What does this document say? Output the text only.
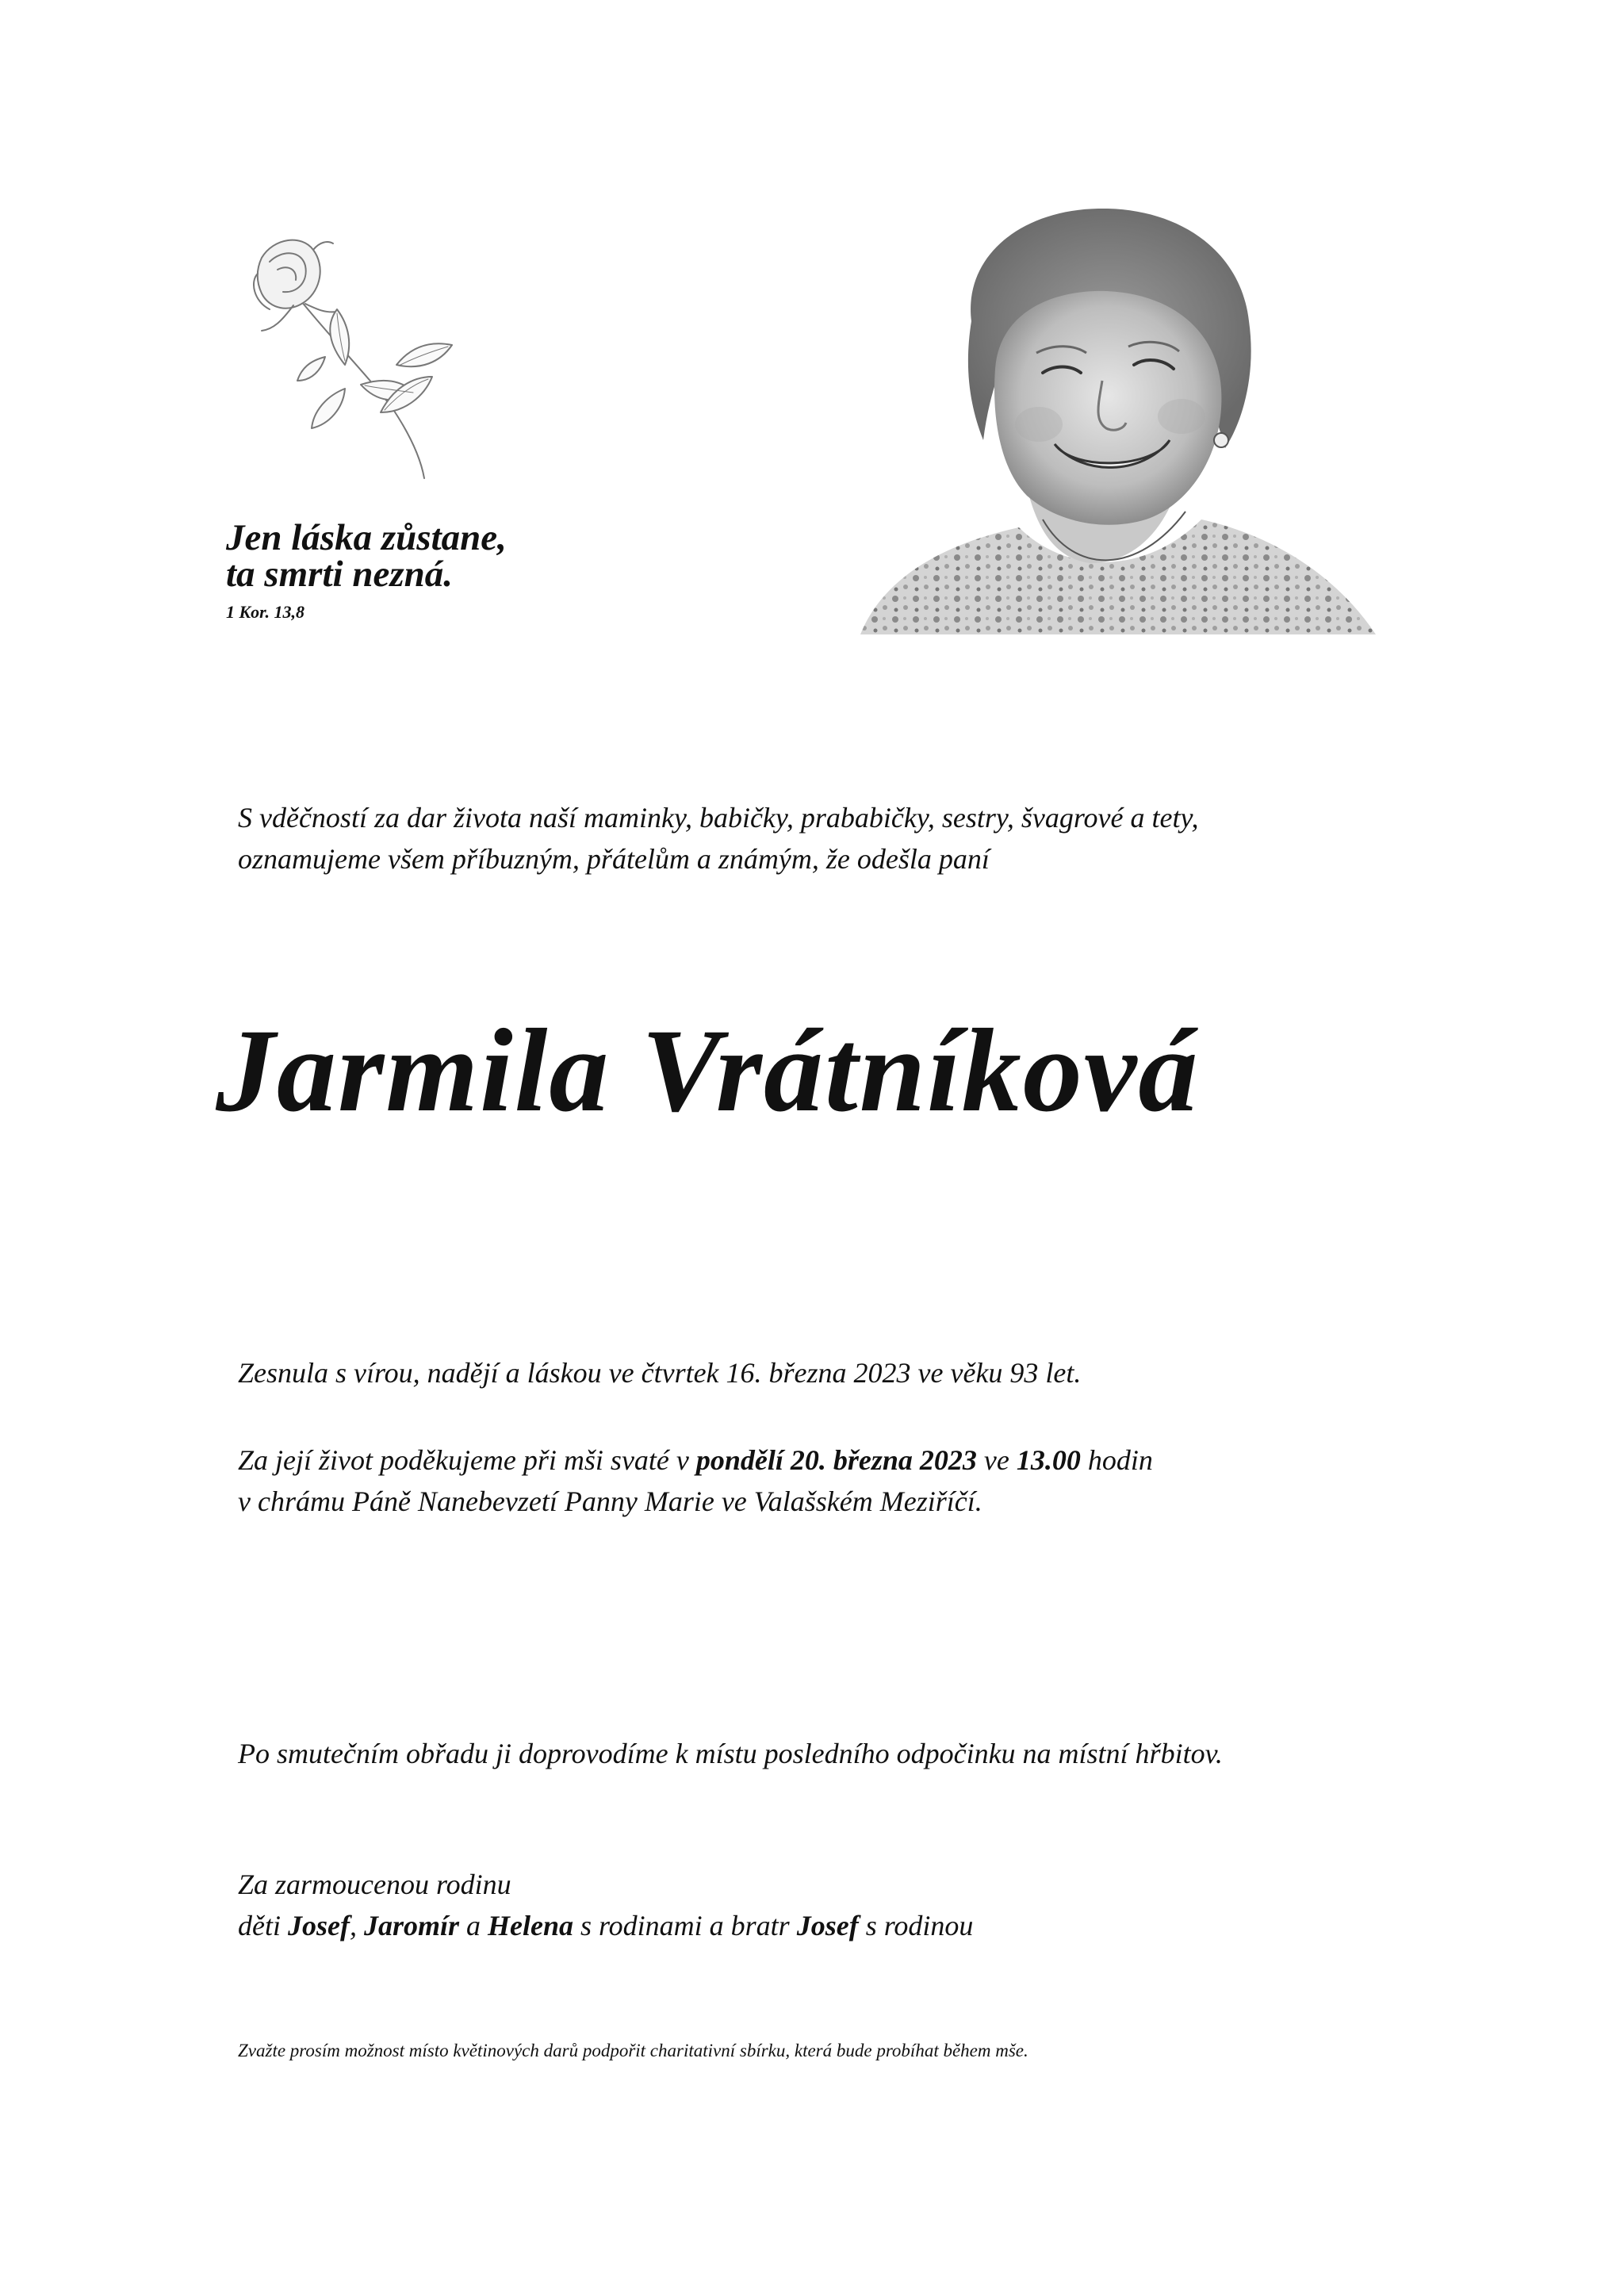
Jen láska zůstane,
ta smrti nezná.
1 Kor. 13,8
S vděčností za dar života naší maminky, babičky, prababičky, sestry, švagrové a tety,
oznamujeme všem příbuzným, přátelům a známým, že odešla paní
Jarmila Vrátníková
Zesnula s vírou, nadějí a láskou ve čtvrtek 16. března 2023 ve věku 93 let.
Za její život poděkujeme při mši svaté v pondělí 20. března 2023 ve 13.00 hodin
v chrámu Páně Nanebevzetí Panny Marie ve Valašském Meziříčí.
Po smutečním obřadu ji doprovodíme k místu posledního odpočinku na místní hřbitov.
Za zarmoucenou rodinu
děti Josef, Jaromír a Helena s rodinami a bratr Josef s rodinou
Zvažte prosím možnost místo květinových darů podpořit charitativní sbírku, která bude probíhat během mše.
